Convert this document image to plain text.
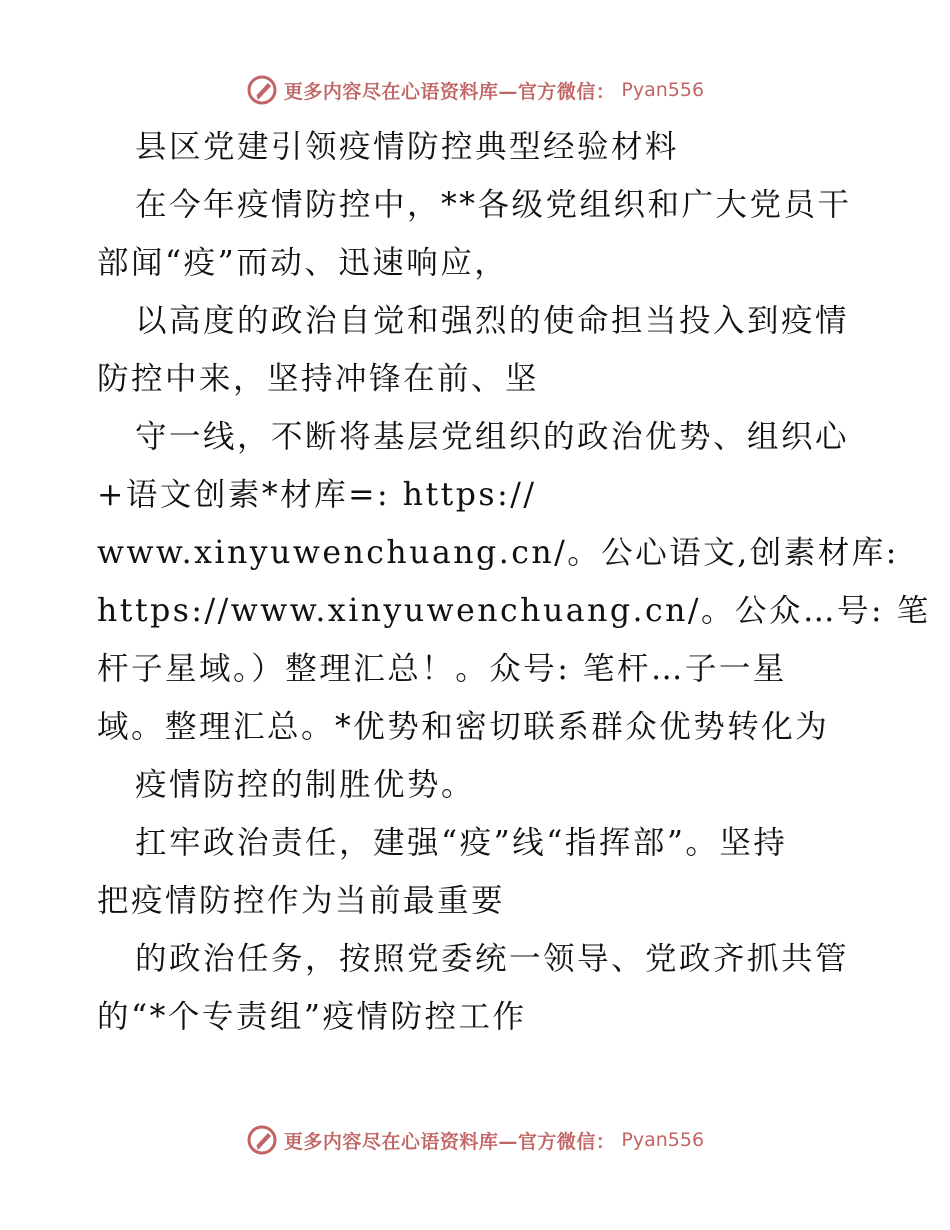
更多内容尽在心语资料库—官方微信： Pyan556
县区党建引领疫情防控典型经验材料
在今年疫情防控中，**各级党组织和广大党员干
部闻“疫”而动、迅速响应，
以高度的政治自觉和强烈的使命担当投入到疫情
防控中来，坚持冲锋在前、坚
守一线，不断将基层党组织的政治优势、组织心
+语文创素*材库=: https://
www.xinyuwenchuang.cn/。公心语文,创素材库:
https://www.xinyuwenchuang.cn/。公众…号: 笔
杆子星域。）整理汇总！。众号: 笔杆…子一星
域。整理汇总。*优势和密切联系群众优势转化为
疫情防控的制胜优势。
扛牢政治责任，建强“疫”线“指挥部”。坚持
把疫情防控作为当前最重要
的政治任务，按照党委统一领导、党政齐抓共管
的“*个专责组”疫情防控工作
更多内容尽在心语资料库—官方微信： Pyan556
